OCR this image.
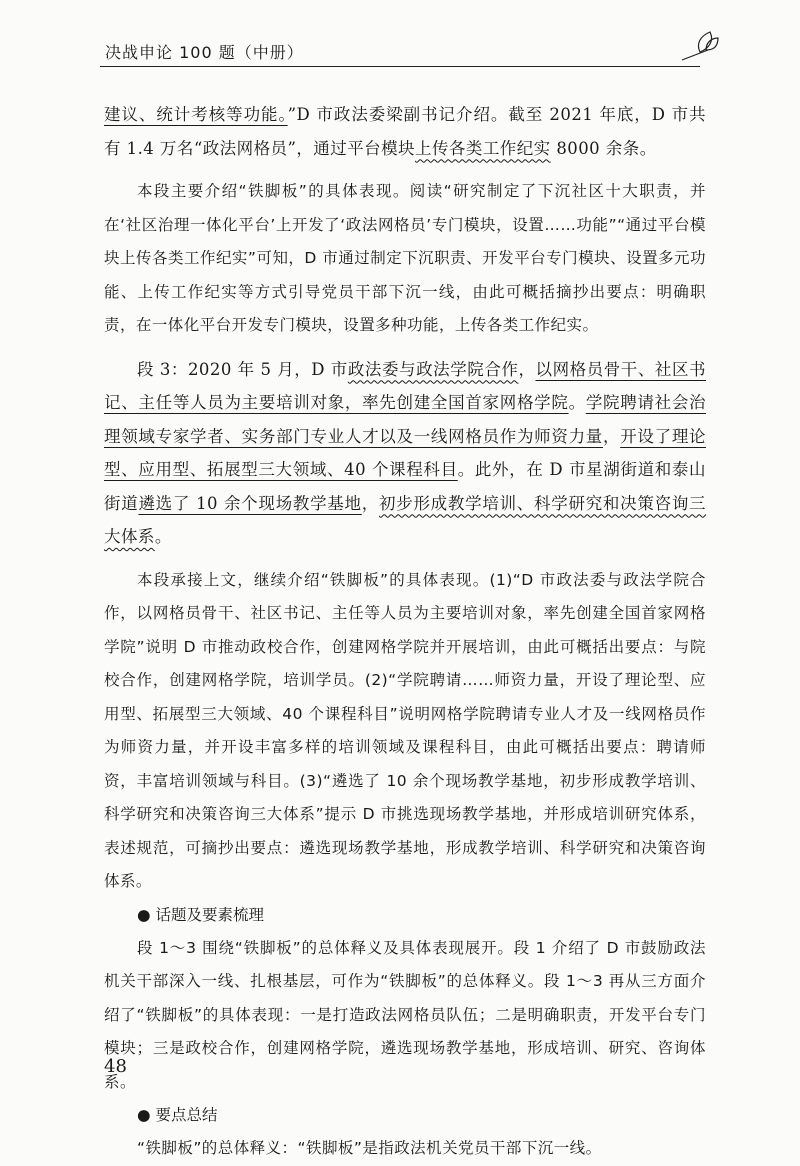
决战申论 100 题（中册）

建议、统计考核等功能。”D 市政法委梁副书记介绍。截至 2021 年底，D 市共有 1.4 万名“政法网格员”，通过平台模块上传各类工作纪实 8000 余条。

本段主要介绍“铁脚板”的具体表现。阅读“研究制定了下沉社区十大职责，并在‘社区治理一体化平台’上开发了‘政法网格员’专门模块，设置……功能”“通过平台模块上传各类工作纪实”可知，D 市通过制定下沉职责、开发平台专门模块、设置多元功能、上传工作纪实等方式引导党员干部下沉一线，由此可概括摘抄出要点：明确职责，在一体化平台开发专门模块，设置多种功能，上传各类工作纪实。

段 3：2020 年 5 月，D 市政法委与政法学院合作，以网格员骨干、社区书记、主任等人员为主要培训对象，率先创建全国首家网格学院。学院聘请社会治理领域专家学者、实务部门专业人才以及一线网格员作为师资力量，开设了理论型、应用型、拓展型三大领域、40 个课程科目。此外，在 D 市星湖街道和泰山街道遴选了 10 余个现场教学基地，初步形成教学培训、科学研究和决策咨询三大体系。

本段承接上文，继续介绍“铁脚板”的具体表现。(1)“D 市政法委与政法学院合作，以网格员骨干、社区书记、主任等人员为主要培训对象，率先创建全国首家网格学院”说明 D 市推动政校合作，创建网格学院并开展培训，由此可概括出要点：与院校合作，创建网格学院，培训学员。(2)“学院聘请……师资力量，开设了理论型、应用型、拓展型三大领域、40 个课程科目”说明网格学院聘请专业人才及一线网格员作为师资力量，并开设丰富多样的培训领域及课程科目，由此可概括出要点：聘请师资，丰富培训领域与科目。(3)“遴选了 10 余个现场教学基地，初步形成教学培训、科学研究和决策咨询三大体系”提示 D 市挑选现场教学基地，并形成培训研究体系，表述规范，可摘抄出要点：遴选现场教学基地，形成教学培训、科学研究和决策咨询体系。

● 话题及要素梳理

段 1～3 围绕“铁脚板”的总体释义及具体表现展开。段 1 介绍了 D 市鼓励政法机关干部深入一线、扎根基层，可作为“铁脚板”的总体释义。段 1～3 再从三方面介绍了“铁脚板”的具体表现：一是打造政法网格员队伍；二是明确职责，开发平台专门模块；三是政校合作，创建网格学院，遴选现场教学基地，形成培训、研究、咨询体系。

● 要点总结

“铁脚板”的总体释义：“铁脚板”是指政法机关党员干部下沉一线。

48
